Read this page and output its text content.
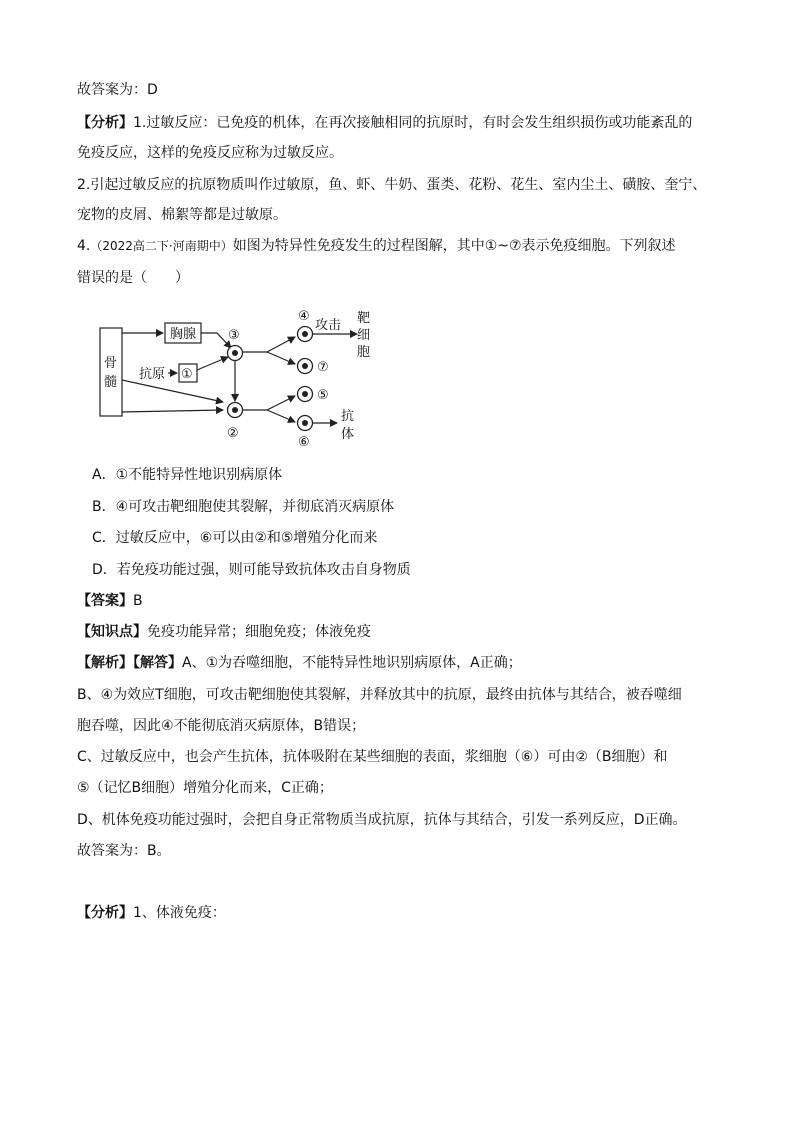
故答案为：D
【分析】1.过敏反应：已免疫的机体，在再次接触相同的抗原时，有时会发生组织损伤或功能紊乱的
免疫反应，这样的免疫反应称为过敏反应。
2.引起过敏反应的抗原物质叫作过敏原，鱼、虾、牛奶、蛋类、花粉、花生、室内尘土、磺胺、奎宁、
宠物的皮屑、棉絮等都是过敏原。
4.（2022高二下·河南期中）如图为特异性免疫发生的过程图解，其中①~⑦表示免疫细胞。下列叙述
错误的是（　　）
骨
髓
胸腺
抗原 ①
③
②
④
⑦
⑤
⑥
攻击 靶
细
胞
抗
体
A．①不能特异性地识别病原体
B．④可攻击靶细胞使其裂解，并彻底消灭病原体
C．过敏反应中，⑥可以由②和⑤增殖分化而来
D．若免疫功能过强，则可能导致抗体攻击自身物质
【答案】B
【知识点】免疫功能异常；细胞免疫；体液免疫
【解析】【解答】A、①为吞噬细胞，不能特异性地识别病原体，A正确；
B、④为效应T细胞，可攻击靶细胞使其裂解，并释放其中的抗原，最终由抗体与其结合，被吞噬细
胞吞噬，因此④不能彻底消灭病原体，B错误；
C、过敏反应中，也会产生抗体，抗体吸附在某些细胞的表面，浆细胞（⑥）可由②（B细胞）和
⑤（记忆B细胞）增殖分化而来，C正确；
D、机体免疫功能过强时，会把自身正常物质当成抗原，抗体与其结合，引发一系列反应，D正确。
故答案为：B。
【分析】1、体液免疫：
